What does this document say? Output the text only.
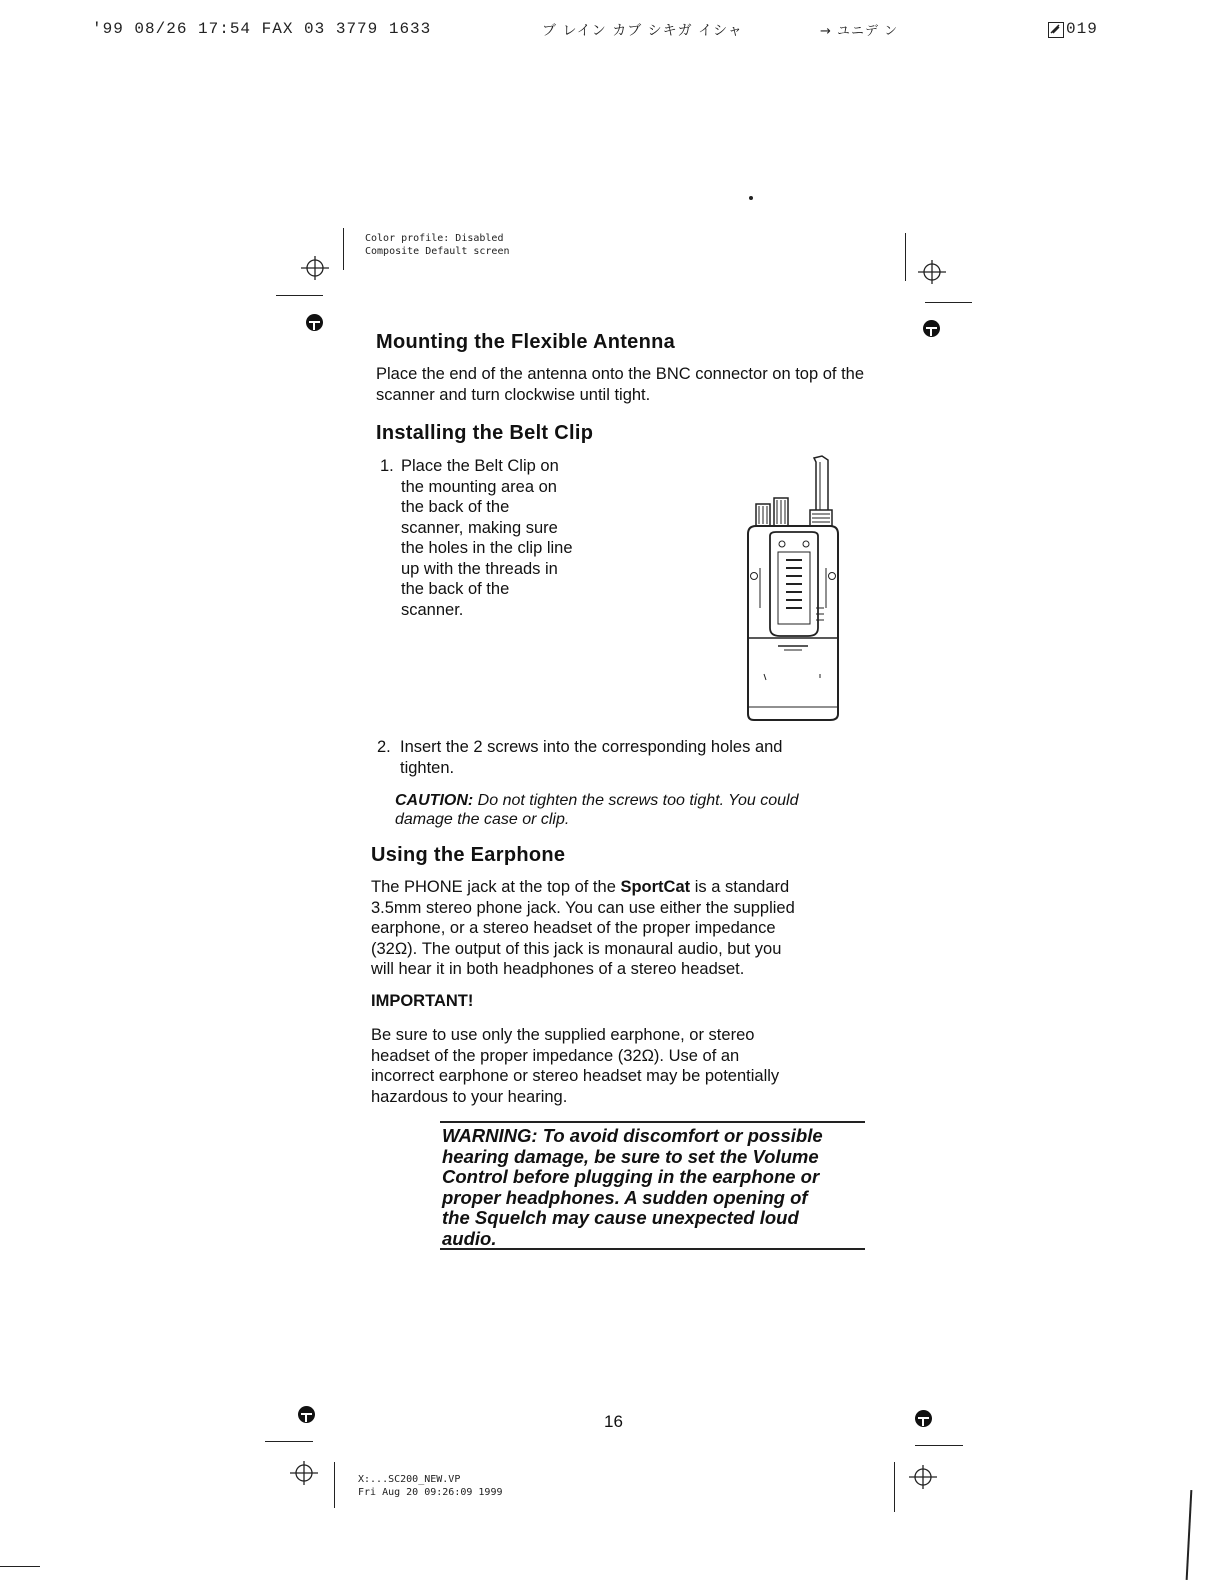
'99 08/26 17:54 FAX 03 3779 1633	ブ レイン カブ シキガ イシャ	→ ユニデ ン	019
Color profile: Disabled
Composite Default screen
Mounting the Flexible Antenna
Place the end of the antenna onto the BNC connector on top of the scanner and turn clockwise until tight.
Installing the Belt Clip
1. Place the Belt Clip on
the mounting area on
the back of the
scanner, making sure
the holes in the clip line
up with the threads in
the back of the
scanner.
2. Insert the 2 screws into the corresponding holes and
tighten.
CAUTION: Do not tighten the screws too tight. You could
damage the case or clip.
Using the Earphone
The PHONE jack at the top of the SportCat is a standard
3.5mm stereo phone jack. You can use either the supplied
earphone, or a stereo headset of the proper impedance
(32Ω). The output of this jack is monaural audio, but you
will hear it in both headphones of a stereo headset.
IMPORTANT!
Be sure to use only the supplied earphone, or stereo
headset of the proper impedance (32Ω). Use of an
incorrect earphone or stereo headset may be potentially
hazardous to your hearing.
WARNING: To avoid discomfort or possible
hearing damage, be sure to set the Volume
Control before plugging in the earphone or
proper headphones. A sudden opening of
the Squelch may cause unexpected loud
audio.
16
X:...SC200_NEW.VP
Fri Aug 20 09:26:09 1999
